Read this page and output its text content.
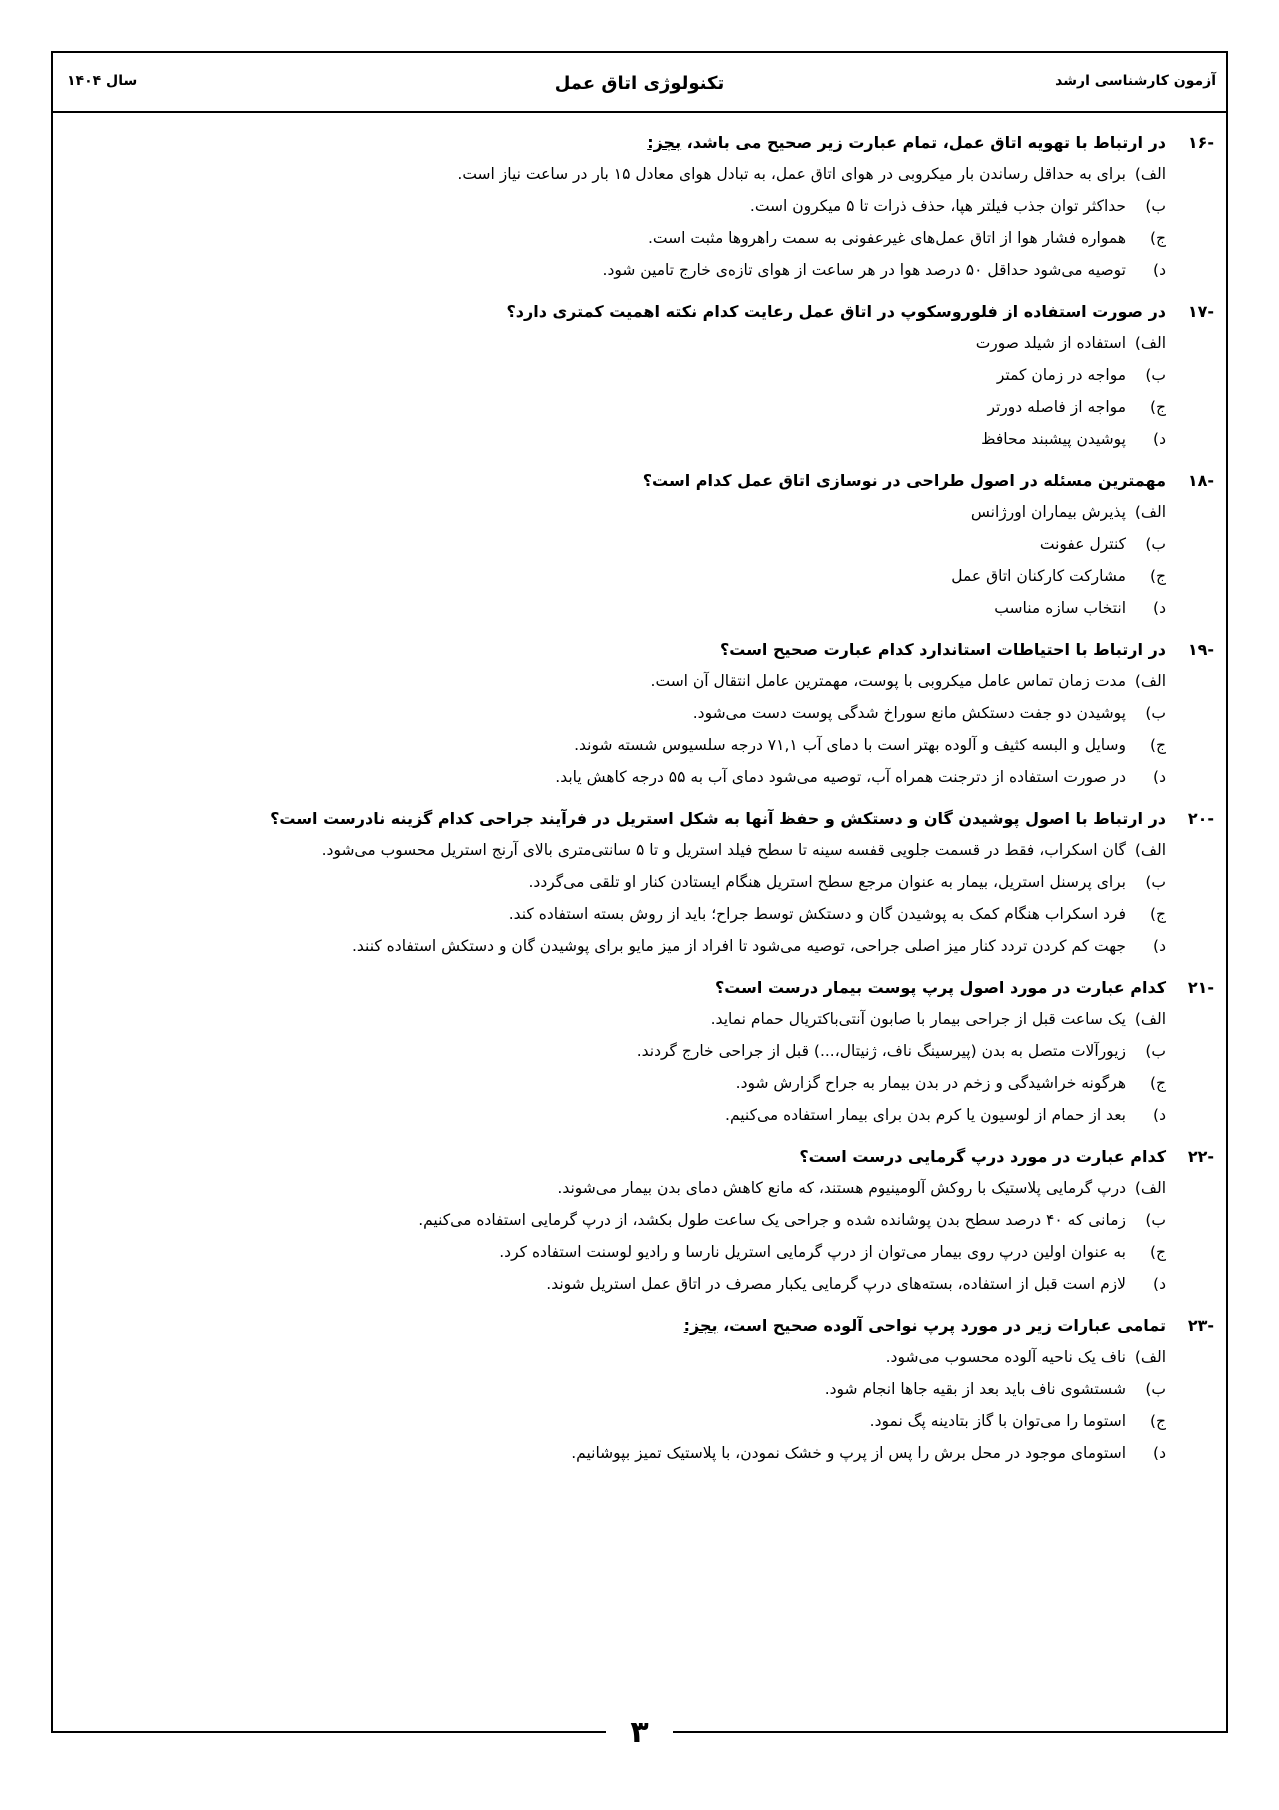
آزمون کارشناسی ارشد
تکنولوژی اتاق عمل
سال ۱۴۰۴
-۱۶
در ارتباط با تهویه اتاق عمل، تمام عبارت زیر صحیح می باشد، بجز:
الف)
برای به حداقل رساندن بار میکروبی در هوای اتاق عمل، به تبادل هوای معادل ۱۵ بار در ساعت نیاز است.
ب)
حداکثر توان جذب فیلتر هپا، حذف ذرات تا ۵ میکرون است.
ج)
همواره فشار هوا از اتاق عمل‌های غیرعفونی به سمت راهروها مثبت است.
د)
توصیه می‌شود حداقل ۵۰ درصد هوا در هر ساعت از هوای تازه‌ی خارج تامین شود.
-۱۷
در صورت استفاده از فلوروسکوپ در اتاق عمل رعایت کدام نکته اهمیت کمتری دارد؟
الف)
استفاده از شیلد صورت
ب)
مواجه در زمان کمتر
ج)
مواجه از فاصله دورتر
د)
پوشیدن پیشبند محافظ
-۱۸
مهمترین مسئله در اصول طراحی در نوسازی اتاق عمل کدام است؟
الف)
پذیرش بیماران اورژانس
ب)
کنترل عفونت
ج)
مشارکت کارکنان اتاق عمل
د)
انتخاب سازه مناسب
-۱۹
در ارتباط با احتیاطات استاندارد کدام عبارت صحیح است؟
الف)
مدت زمان تماس عامل میکروبی با پوست، مهمترین عامل انتقال آن است.
ب)
پوشیدن دو جفت دستکش مانع سوراخ شدگی پوست دست می‌شود.
ج)
وسایل و البسه کثیف و آلوده بهتر است با دمای آب ۷۱,۱ درجه سلسیوس شسته شوند.
د)
در صورت استفاده از دترجنت همراه آب، توصیه می‌شود دمای آب به ۵۵ درجه کاهش یابد.
-۲۰
در ارتباط با اصول پوشیدن گان و دستکش و حفظ آنها به شکل استریل در فرآیند جراحی کدام گزینه نادرست است؟
الف)
گان اسکراب، فقط در قسمت جلویی قفسه سینه تا سطح فیلد استریل و تا ۵ سانتی‌متری بالای آرنج استریل محسوب می‌شود.
ب)
برای پرسنل استریل، بیمار به عنوان مرجع سطح استریل هنگام ایستادن کنار او تلقی می‌گردد.
ج)
فرد اسکراب هنگام کمک به پوشیدن گان و دستکش توسط جراح؛ باید از روش بسته استفاده کند.
د)
جهت کم کردن تردد کنار میز اصلی جراحی، توصیه می‌شود تا افراد از میز مایو برای پوشیدن گان و دستکش استفاده کنند.
-۲۱
کدام عبارت در مورد اصول پرپ پوست بیمار درست است؟
الف)
یک ساعت قبل از جراحی بیمار با صابون آنتی‌باکتریال حمام نماید.
ب)
زیورآلات متصل به بدن (پیرسینگ ناف، ژنیتال،...) قبل از جراحی خارج گردند.
ج)
هرگونه خراشیدگی و زخم در بدن بیمار به جراح گزارش شود.
د)
بعد از حمام از لوسیون یا کرم بدن برای بیمار استفاده می‌کنیم.
-۲۲
کدام عبارت در مورد درپ گرمایی درست است؟
الف)
درپ گرمایی پلاستیک با روکش آلومینیوم هستند، که مانع کاهش دمای بدن بیمار می‌شوند.
ب)
زمانی که ۴۰ درصد سطح بدن پوشانده شده و جراحی یک ساعت طول بکشد، از درپ گرمایی استفاده می‌کنیم.
ج)
به عنوان اولین درپ روی بیمار می‌توان از درپ گرمایی استریل نارسا و رادیو لوسنت استفاده کرد.
د)
لازم است قبل از استفاده، بسته‌های درپ گرمایی یکبار مصرف در اتاق عمل استریل شوند.
-۲۳
تمامی عبارات زیر در مورد پرپ نواحی آلوده صحیح است، بجز:
الف)
ناف یک ناحیه آلوده محسوب می‌شود.
ب)
شستشوی ناف باید بعد از بقیه جاها انجام شود.
ج)
استوما را می‌توان با گاز بتادینه پگ نمود.
د)
استومای موجود در محل برش را پس از پرپ و خشک نمودن، با پلاستیک تمیز بپوشانیم.
۳
